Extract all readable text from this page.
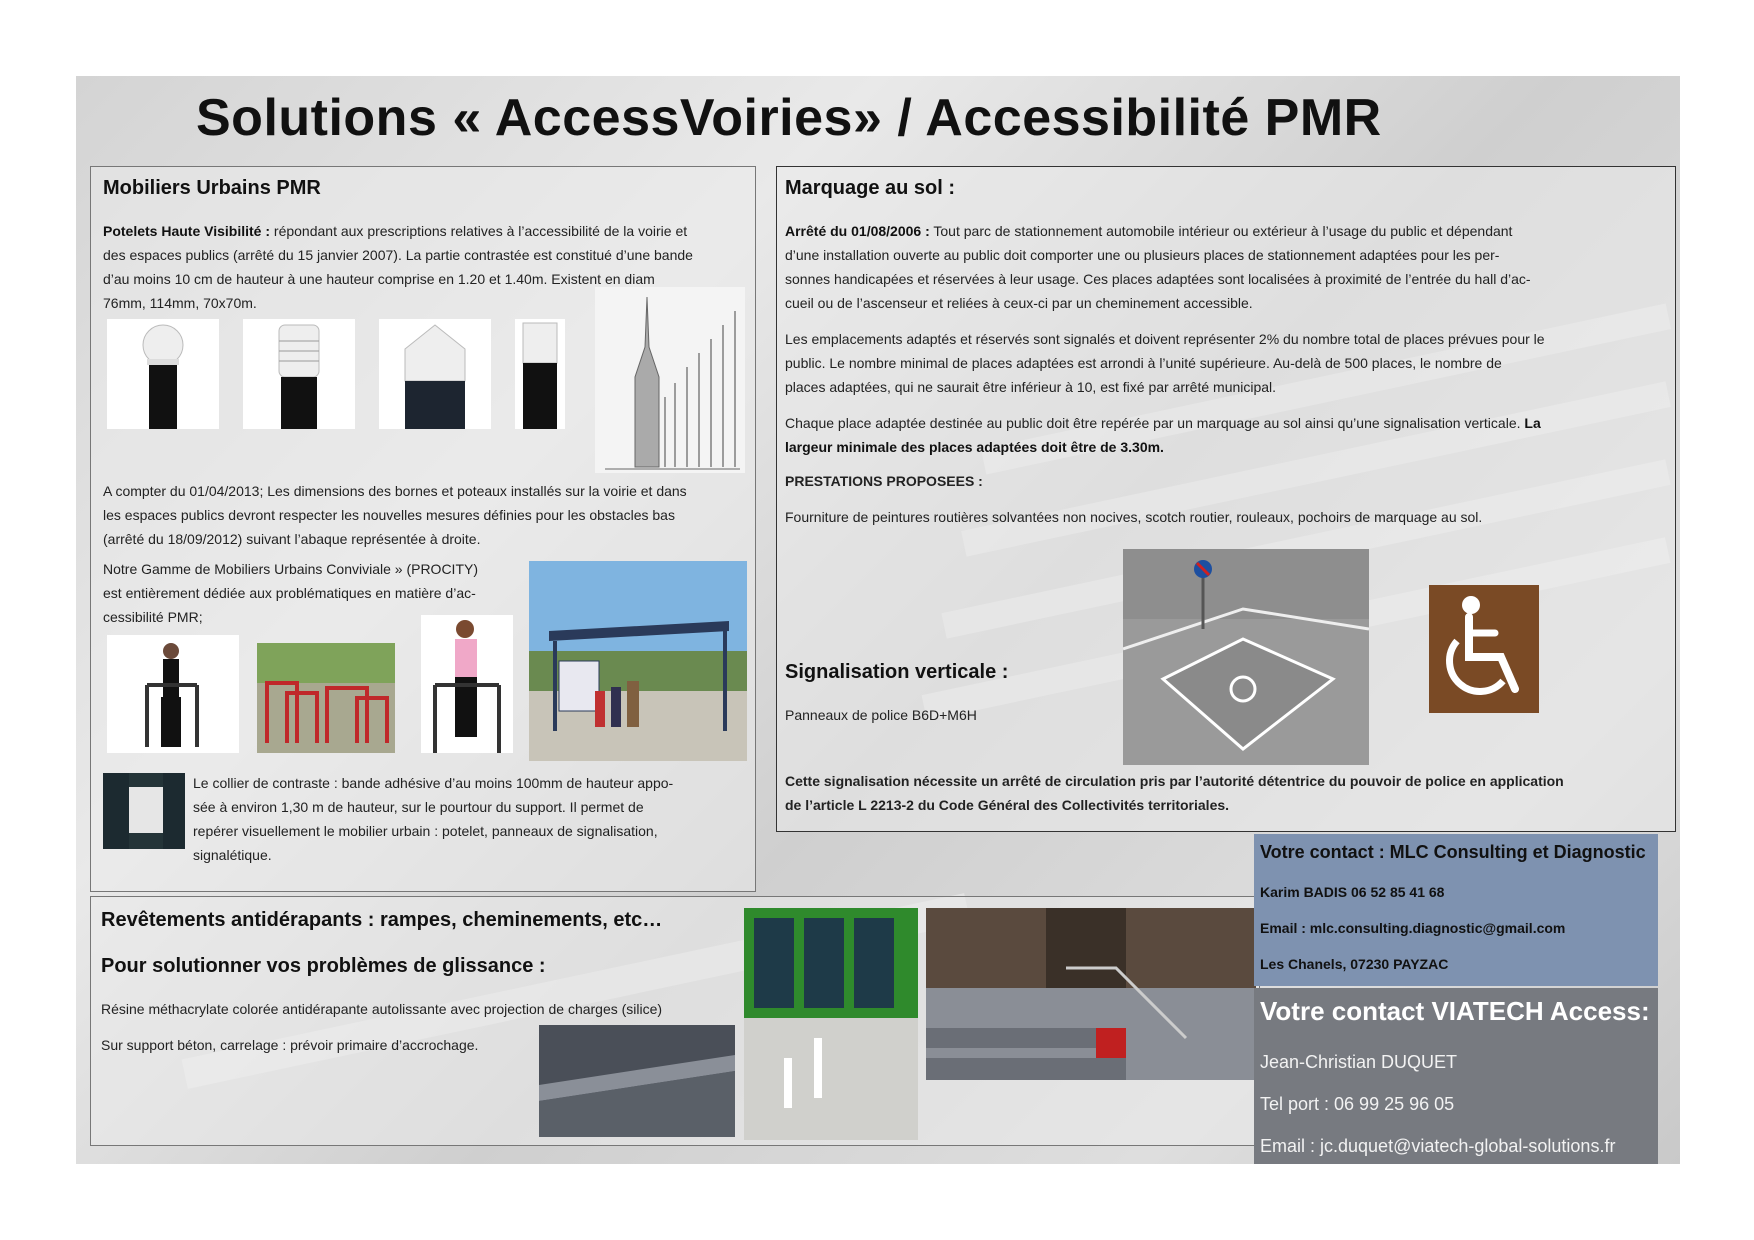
Solutions « AccessVoiries» / Accessibilité PMR
Mobiliers Urbains PMR
Potelets Haute Visibilité : répondant aux prescriptions relatives à l’accessibilité de la voirie et
des espaces publics (arrêté du 15 janvier 2007). La partie contrastée est constitué d’une bande
d’au moins 10 cm de hauteur à une hauteur comprise en 1.20 et 1.40m. Existent en diam
76mm, 114mm, 70x70m.
A compter du 01/04/2013; Les dimensions des bornes et poteaux installés sur la voirie et dans
les espaces publics devront respecter les nouvelles mesures définies pour les obstacles bas
(arrêté du 18/09/2012) suivant l’abaque représentée à droite.
Notre Gamme de Mobiliers Urbains Conviviale » (PROCITY)
est entièrement dédiée aux problématiques en matière d’ac-
cessibilité PMR;
Le collier de contraste : bande adhésive d’au moins 100mm de hauteur appo-
sée à environ 1,30 m de hauteur, sur le pourtour du support. Il permet de
repérer visuellement le mobilier urbain : potelet, panneaux de signalisation,
signalétique.
Marquage au sol :
Arrêté du 01/08/2006 : Tout parc de stationnement automobile intérieur ou extérieur à l’usage du public et dépendant
d’une installation ouverte au public doit comporter une ou plusieurs places de stationnement adaptées pour les per-
sonnes handicapées et réservées à leur usage. Ces places adaptées sont localisées à proximité de l’entrée du hall d’ac-
cueil ou de l’ascenseur et reliées à ceux-ci par un cheminement accessible.
Les emplacements adaptés et réservés sont signalés et doivent représenter 2% du nombre total de places prévues pour le
public. Le nombre minimal de places adaptées est arrondi à l’unité supérieure. Au-delà de 500 places, le nombre de
places adaptées, qui ne saurait être inférieur à 10, est fixé par arrêté municipal.
Chaque place adaptée destinée au public doit être repérée par un marquage au sol ainsi qu’une signalisation verticale. La
largeur minimale des places adaptées doit être de 3.30m.
PRESTATIONS PROPOSEES :
Fourniture de peintures routières solvantées non nocives, scotch routier, rouleaux, pochoirs de marquage au sol.
Signalisation verticale :
Panneaux de police B6D+M6H
Cette signalisation nécessite un arrêté de circulation pris par l’autorité détentrice du pouvoir de police en application
de l’article L 2213-2 du Code Général des Collectivités territoriales.
Revêtements antidérapants : rampes, cheminements, etc…
Pour solutionner vos problèmes de glissance :
Résine méthacrylate colorée antidérapante autolissante avec projection de charges (silice)
Sur support béton, carrelage : prévoir primaire d’accrochage.
Votre contact : MLC Consulting et Diagnostic
Karim BADIS 06 52 85 41 68
Email : mlc.consulting.diagnostic@gmail.com
Les Chanels, 07230 PAYZAC
Votre contact VIATECH Access:
Jean-Christian DUQUET
Tel port : 06 99 25 96 05
Email : jc.duquet@viatech-global-solutions.fr
